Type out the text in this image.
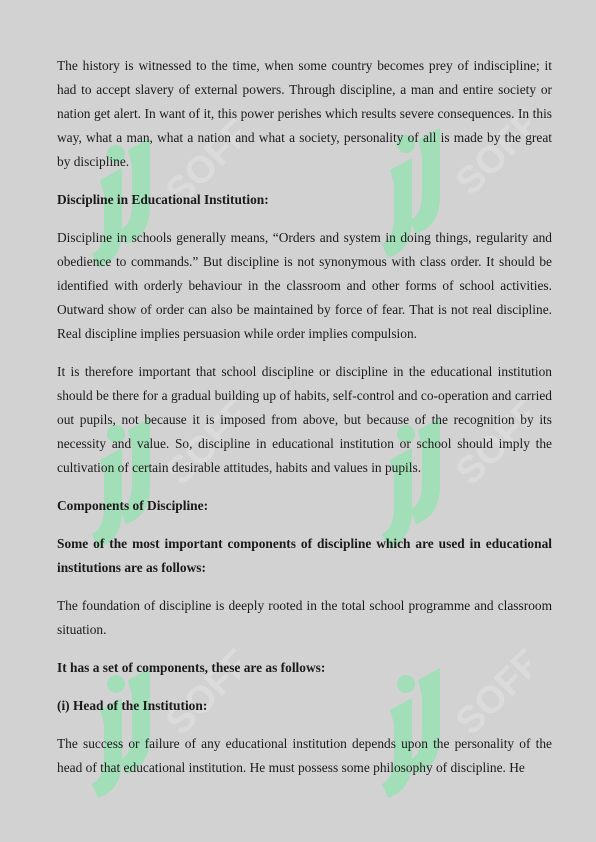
SOFF	SOFF
SOFF	SOFF
SOFF	SOFF

The history is witnessed to the time, when some country becomes prey of indiscipline; it had to accept slavery of external powers. Through discipline, a man and entire society or nation get alert. In want of it, this power perishes which results severe consequences. In this way, what a man, what a nation and what a society, personality of all is made by the great by discipline.

Discipline in Educational Institution:

Discipline in schools generally means, “Orders and system in doing things, regularity and obedience to commands.” But discipline is not synonymous with class order. It should be identified with orderly behaviour in the classroom and other forms of school activities. Outward show of order can also be maintained by force of fear. That is not real discipline. Real discipline implies persuasion while order implies compulsion.

It is therefore important that school discipline or discipline in the educational institution should be there for a gradual building up of habits, self-control and co-operation and carried out pupils, not because it is imposed from above, but because of the recognition by its necessity and value. So, discipline in educational institution or school should imply the cultivation of certain desirable attitudes, habits and values in pupils.

Components of Discipline:

Some of the most important components of discipline which are used in educational institutions are as follows:

The foundation of discipline is deeply rooted in the total school programme and classroom situation.

It has a set of components, these are as follows:

(i) Head of the Institution:

The success or failure of any educational institution depends upon the personality of the head of that educational institution. He must possess some philosophy of discipline. He
